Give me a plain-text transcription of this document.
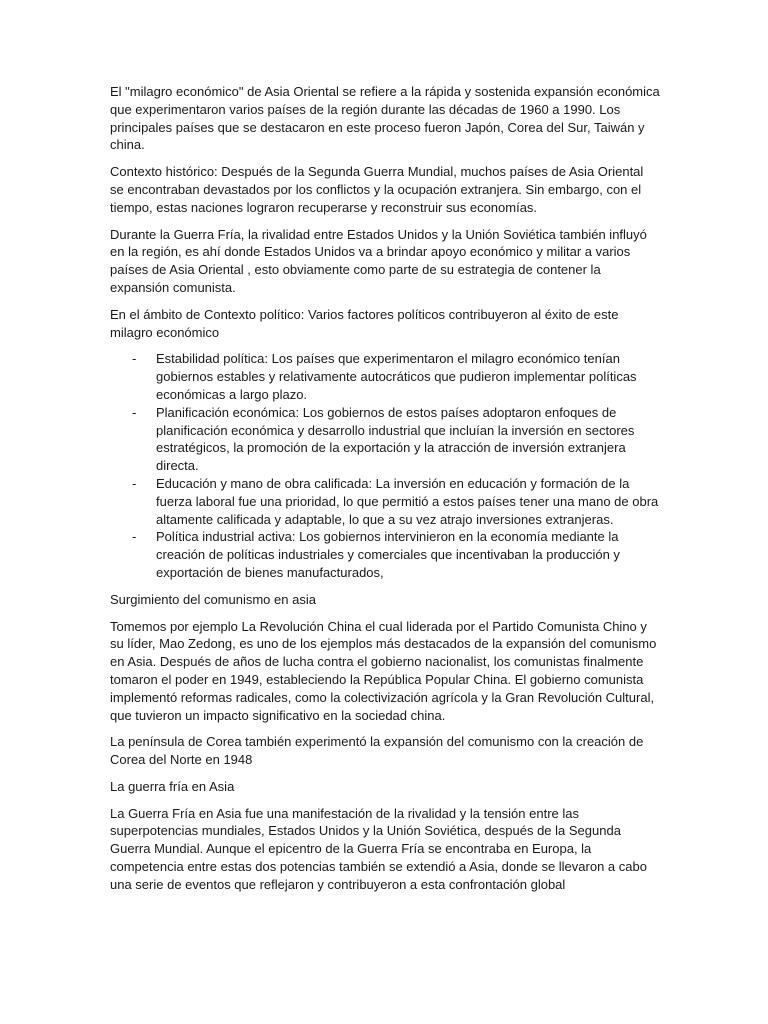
El "milagro económico" de Asia Oriental se refiere a la rápida y sostenida expansión económica que experimentaron varios países de la región durante las décadas de 1960 a 1990. Los principales países que se destacaron en este proceso fueron Japón, Corea del Sur, Taiwán y china.

Contexto histórico: Después de la Segunda Guerra Mundial, muchos países de Asia Oriental se encontraban devastados por los conflictos y la ocupación extranjera. Sin embargo, con el tiempo, estas naciones lograron recuperarse y reconstruir sus economías.

Durante la Guerra Fría, la rivalidad entre Estados Unidos y la Unión Soviética también influyó en la región, es ahí donde Estados Unidos va a brindar apoyo económico y militar a varios países de Asia Oriental , esto obviamente como parte de su estrategia de contener la expansión comunista.

En el ámbito de Contexto político: Varios factores políticos contribuyeron al éxito de este milagro económico

- Estabilidad política: Los países que experimentaron el milagro económico tenían gobiernos estables y relativamente autocráticos que pudieron implementar políticas económicas a largo plazo.
- Planificación económica: Los gobiernos de estos países adoptaron enfoques de planificación económica y desarrollo industrial que incluían la inversión en sectores estratégicos, la promoción de la exportación y la atracción de inversión extranjera directa.
- Educación y mano de obra calificada: La inversión en educación y formación de la fuerza laboral fue una prioridad, lo que permitió a estos países tener una mano de obra altamente calificada y adaptable, lo que a su vez atrajo inversiones extranjeras.
- Política industrial activa: Los gobiernos intervinieron en la economía mediante la creación de políticas industriales y comerciales que incentivaban la producción y exportación de bienes manufacturados,

Surgimiento del comunismo en asia

Tomemos por ejemplo La Revolución China el cual liderada por el Partido Comunista Chino y su líder, Mao Zedong, es uno de los ejemplos más destacados de la expansión del comunismo en Asia. Después de años de lucha contra el gobierno nacionalist, los comunistas finalmente tomaron el poder en 1949, estableciendo la República Popular China. El gobierno comunista implementó reformas radicales, como la colectivización agrícola y la Gran Revolución Cultural, que tuvieron un impacto significativo en la sociedad china.

La península de Corea también experimentó la expansión del comunismo con la creación de Corea del Norte en 1948

La guerra fría en Asia

La Guerra Fría en Asia fue una manifestación de la rivalidad y la tensión entre las superpotencias mundiales, Estados Unidos y la Unión Soviética, después de la Segunda Guerra Mundial. Aunque el epicentro de la Guerra Fría se encontraba en Europa, la competencia entre estas dos potencias también se extendió a Asia, donde se llevaron a cabo una serie de eventos que reflejaron y contribuyeron a esta confrontación global
